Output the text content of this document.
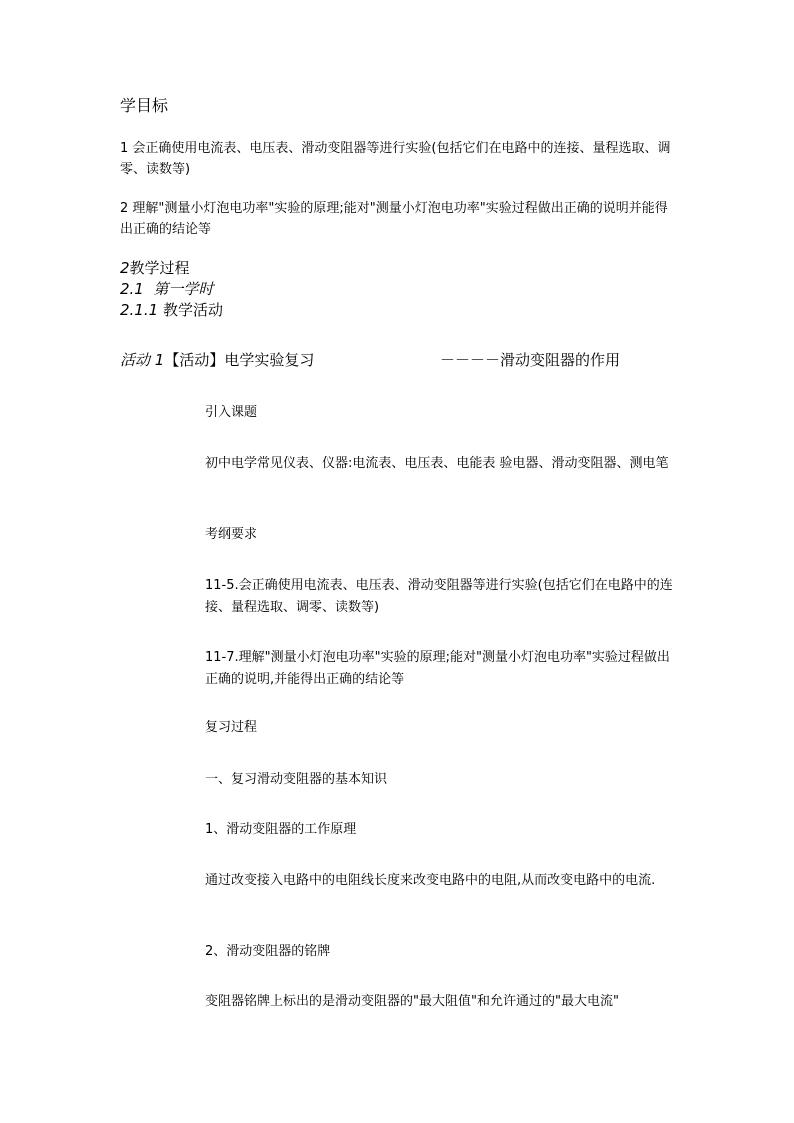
学目标

1 会正确使用电流表、电压表、滑动变阻器等进行实验(包括它们在电路中的连接、量程选取、调零、读数等)

2 理解"测量小灯泡电功率"实验的原理;能对"测量小灯泡电功率"实验过程做出正确的说明并能得出正确的结论等

2教学过程

2.1 第一学时

2.1.1 教学活动

活动 1【活动】电学实验复习	－－－－滑动变阻器的作用

引入课题

初中电学常见仪表、仪器:电流表、电压表、电能表 验电器、滑动变阻器、测电笔

考纲要求

11-5.会正确使用电流表、电压表、滑动变阻器等进行实验(包括它们在电路中的连接、量程选取、调零、读数等)

11-7.理解"测量小灯泡电功率"实验的原理;能对"测量小灯泡电功率"实验过程做出正确的说明,并能得出正确的结论等

复习过程

一、复习滑动变阻器的基本知识

1、滑动变阻器的工作原理

通过改变接入电路中的电阻线长度来改变电路中的电阻,从而改变电路中的电流.

2、滑动变阻器的铭牌

变阻器铭牌上标出的是滑动变阻器的"最大阻值"和允许通过的"最大电流"
